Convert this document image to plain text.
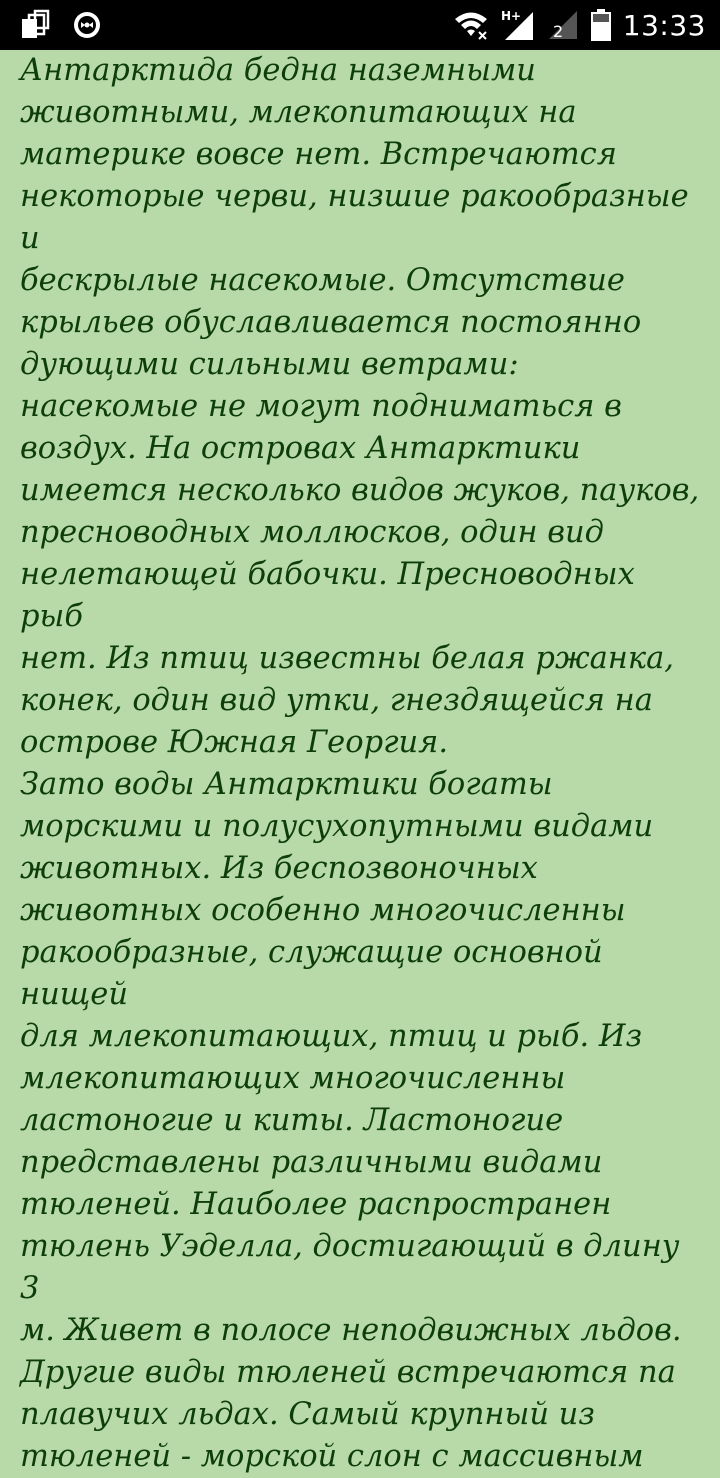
H+
2 13:33
Антарктида бедна наземными
животными, млекопитающих на
материке вовсе нет. Встречаются
некоторые черви, низшие ракообразные и
бескрылые насекомые. Отсутствие
крыльев обуславливается постоянно
дующими сильными ветрами:
насекомые не могут подниматься в
воздух. На островах Антарктики
имеется несколько видов жуков, пауков,
пресноводных моллюсков, один вид
нелетающей бабочки. Пресноводных рыб
нет. Из птиц известны белая ржанка,
конек, один вид утки, гнездящейся на
острове Южная Георгия.
Зато воды Антарктики богаты
морскими и полусухопутными видами
животных. Из беспозвоночных
животных особенно многочисленны
ракообразные, служащие основной нищей
для млекопитающих, птиц и рыб. Из
млекопитающих многочисленны
ластоногие и киты. Ластоногие
представлены различными видами
тюленей. Наиболее распространен
тюлень Уэделла, достигающий в длину 3
м. Живет в полосе неподвижных льдов.
Другие виды тюленей встречаются па
плавучих льдах. Самый крупный из
тюленей - морской слон с массивным
